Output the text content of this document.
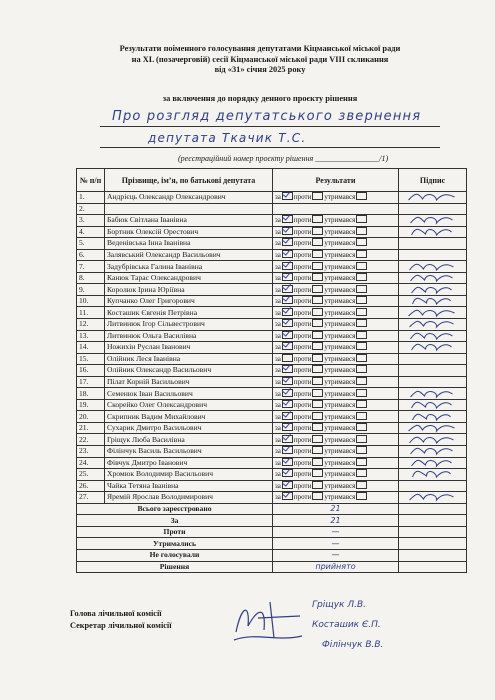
Результати поіменного голосування депутатами Кіцманської міської ради
на XL (позачерговій) сесії Кіцманської міської ради VIII скликання
від «31» січня 2025 року
за включення до порядку денного проєкту рішення
Про розгляд депутатського звернення
депутата Ткачик Т.С.
(реєстраційний номер проєкту рішення ________________/1)
№ п/п	Прізвище, ім’я, по батькові депутата	Результати	Підпис
1.	Андрієць Олександр Олександрович	за проти утримався	

2.			
3.	Бабюк Світлана Іванівна	за проти утримався	

4.	Бортник Олексій Орестович	за проти утримався	

5.	Веденівська Інна Іванівна	за проти утримався	
6.	Залявський Олександр Васильович	за проти утримався	
7.	Задубрівська Галина Іванівна	за проти утримався	

8.	Канюк Тарас Олександрович	за проти утримався	

9.	Королюк Ірина Юріївна	за проти утримався	

10.	Купчанко Олег Григорович	за проти утримався	

11.	Косташик Євгенія Петрівна	за проти утримався	

12.	Литвинюк Ігор Сільвестрович	за проти утримався	

13.	Литвинюк Ольга Василівна	за проти утримався	

14.	Ножихін Руслан Іванович	за проти утримався	

15.	Олійник Леся Іванівна	за проти утримався	
16.	Олійник Олександр Васильович	за проти утримався	
17.	Пілат Корній Васильович	за проти утримався	
18.	Семенюк Іван Васильович	за проти утримався	

19.	Скорейко Олег Олександрович	за проти утримався	

20.	Скрипник Вадим Михайлович	за проти утримався	

21.	Сухарик Дмитро Васильович	за проти утримався	

22.	Гріщук Люба Василівна	за проти утримався	

23.	Філінчук Василь Васильович	за проти утримався	

24.	Фівчук Дмитро Іванович	за проти утримався	

25.	Хромюк Володимир Васильович	за проти утримався	

26.	Чайка Тетяна Іванівна	за проти утримався	
27.	Яремій Ярослав Володимирович	за проти утримався	

Всього зареєстровано		21	
За		21	
Проти		—	
Утримались		—	
Не голосували		—	
Рішення		прийнято	
Голова лічильної комісії
Секретар лічильної комісії
Гріщук Л.В.
Косташик Є.П.
Філінчук В.В.
